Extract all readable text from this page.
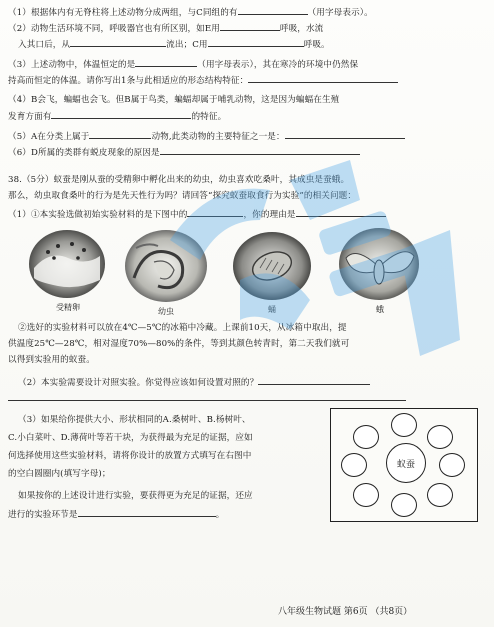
（1）根据体内有无脊柱将上述动物分成两组，与C同组的有	（用字母表示）。
（2）动物生活环境不同，呼吸器官也有所区别，如E用	呼吸，水流
入其口后，从	流出；C用	呼吸。
（3）上述动物中，体温恒定的是	（用字母表示），其在寒冷的环境中仍然保
持高而恒定的体温。请你写出1条与此相适应的形态结构特征：
（4）B会飞，蝙蝠也会飞。但B属于鸟类，蝙蝠却属于哺乳动物，这是因为蝙蝠在生殖
发育方面有	的特征。
（5）A在分类上属于	动物,此类动物的主要特征之一是：
（6）D所属的类群有蜕皮现象的原因是
38.（5分）蚁蚕是刚从蚕的受精卵中孵化出来的幼虫，幼虫喜欢吃桑叶，其成虫是蚕蛾。
那么，幼虫取食桑叶的行为是先天性行为吗？请回答“探究蚁蚕取食行为实验”的相关问题：
（1）①本实验选做初始实验材料的是下图中的	，你的理由是
受精卵	幼虫	蛹	蛾
②选好的实验材料可以放在4℃—5℃的冰箱中冷藏。上课前10天，从冰箱中取出，提
供温度25℃—28℃，相对湿度70%—80%的条件，等到其颜色转青时，第二天我们就可
以得到实验用的蚁蚕。
（2）本实验需要设计对照实验。你觉得应该如何设置对照的？
（3）如果给你提供大小、形状相同的A.桑树叶、B.杨树叶、
C.小白菜叶、D.薄荷叶等若干块，为获得最为充足的证据，应如
何选择使用这些实验材料，请将你设计的放置方式填写在右图中
的空白圆圈内(填写字母)；
如果按你的上述设计进行实验，要获得更为充足的证据，还应
进行的实验环节是	。
蚁蚕
八年级生物试题 第6页 （共8页）
